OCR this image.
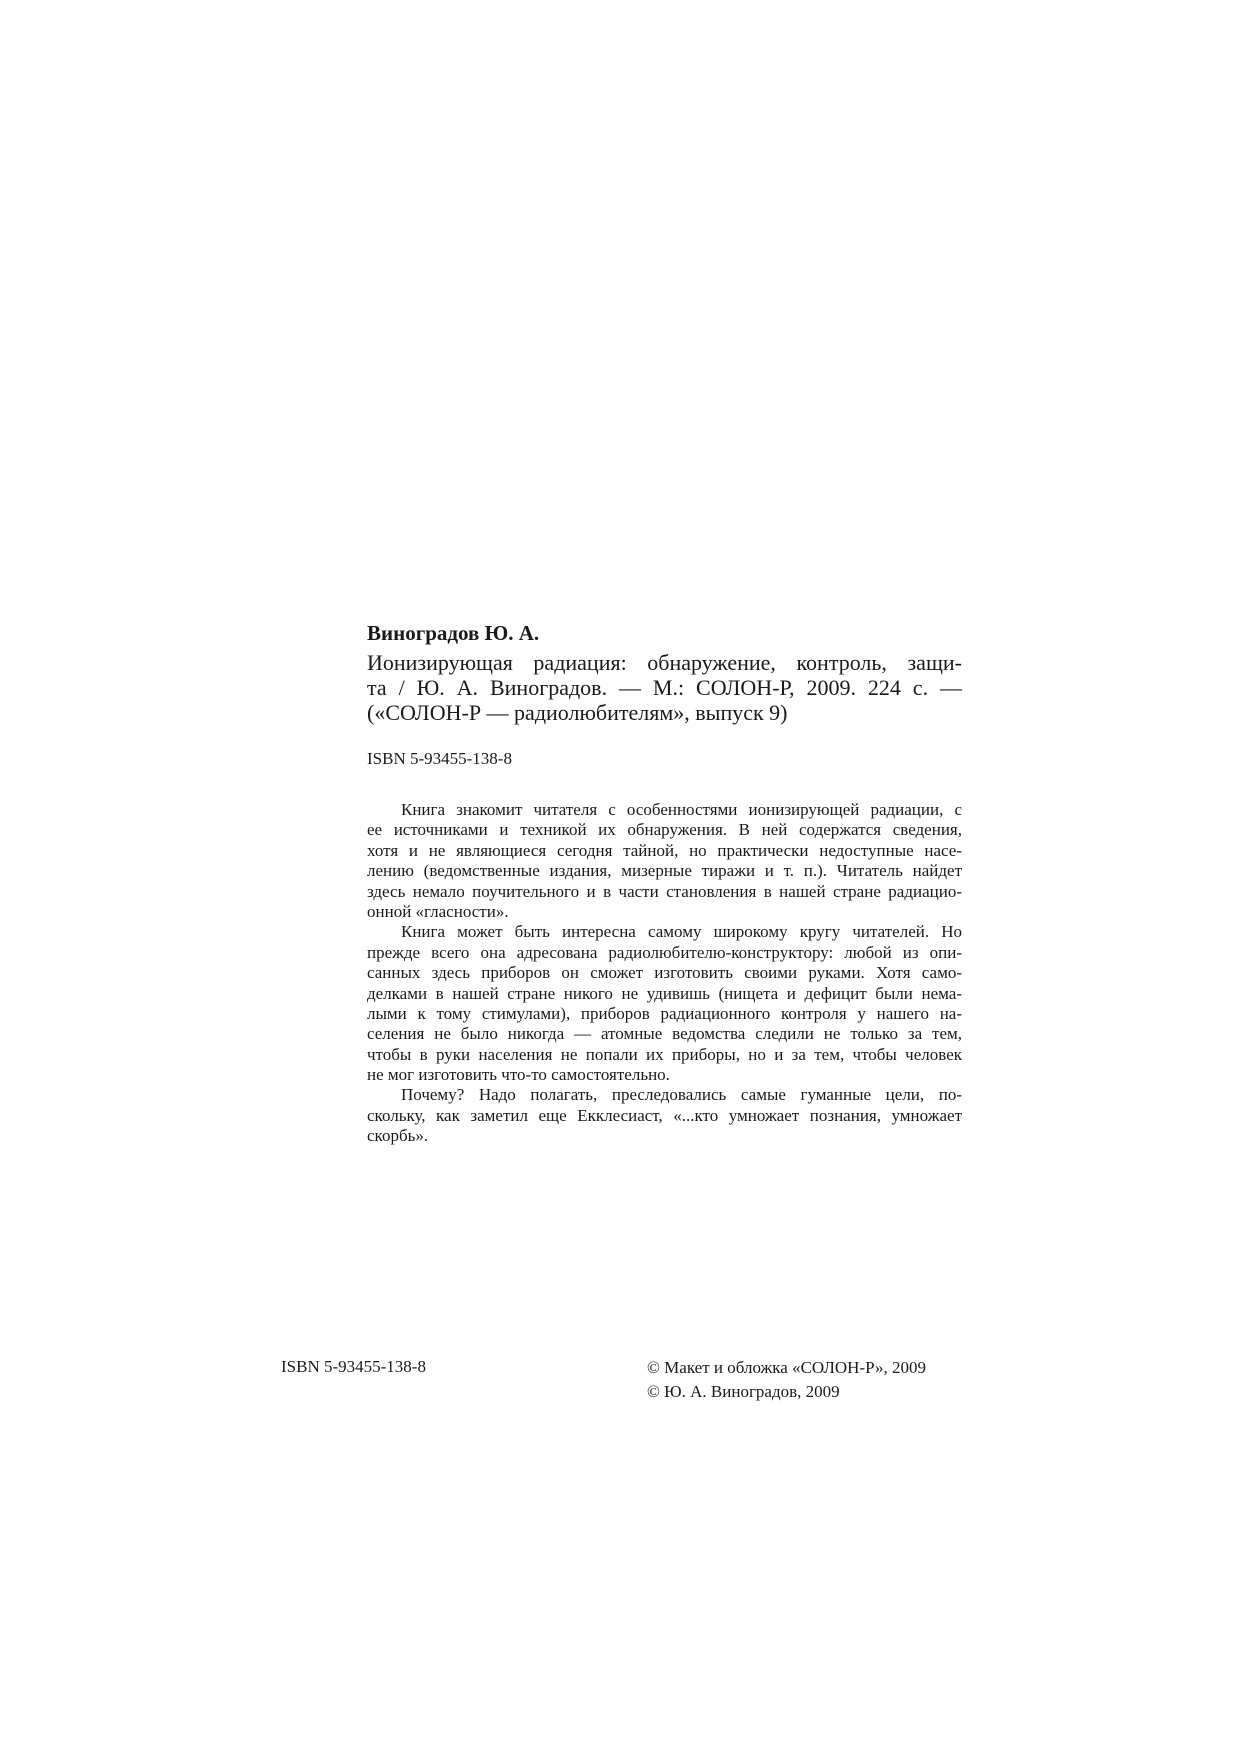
Виноградов Ю. А.

Ионизирующая радиация: обнаружение, контроль, защи-
та / Ю. А. Виноградов. — М.: СОЛОН-Р, 2009. 224 с. —
(«СОЛОН-Р — радиолюбителям», выпуск 9)

ISBN 5-93455-138-8

Книга знакомит читателя с особенностями ионизирующей радиации, с
ее источниками и техникой их обнаружения. В ней содержатся сведения,
хотя и не являющиеся сегодня тайной, но практически недоступные насе-
лению (ведомственные издания, мизерные тиражи и т. п.). Читатель найдет
здесь немало поучительного и в части становления в нашей стране радиацио-
онной «гласности».
Книга может быть интересна самому широкому кругу читателей. Но
прежде всего она адресована радиолюбителю-конструктору: любой из опи-
санных здесь приборов он сможет изготовить своими руками. Хотя само-
делками в нашей стране никого не удивишь (нищета и дефицит были нема-
лыми к тому стимулами), приборов радиационного контроля у нашего на-
селения не было никогда — атомные ведомства следили не только за тем,
чтобы в руки населения не попали их приборы, но и за тем, чтобы человек
не мог изготовить что-то самостоятельно.
Почему? Надо полагать, преследовались самые гуманные цели, по-
скольку, как заметил еще Екклесиаст, «...кто умножает познания, умножает
скорбь».

ISBN 5-93455-138-8	© Макет и обложка «СОЛОН-Р», 2009
© Ю. А. Виноградов, 2009
